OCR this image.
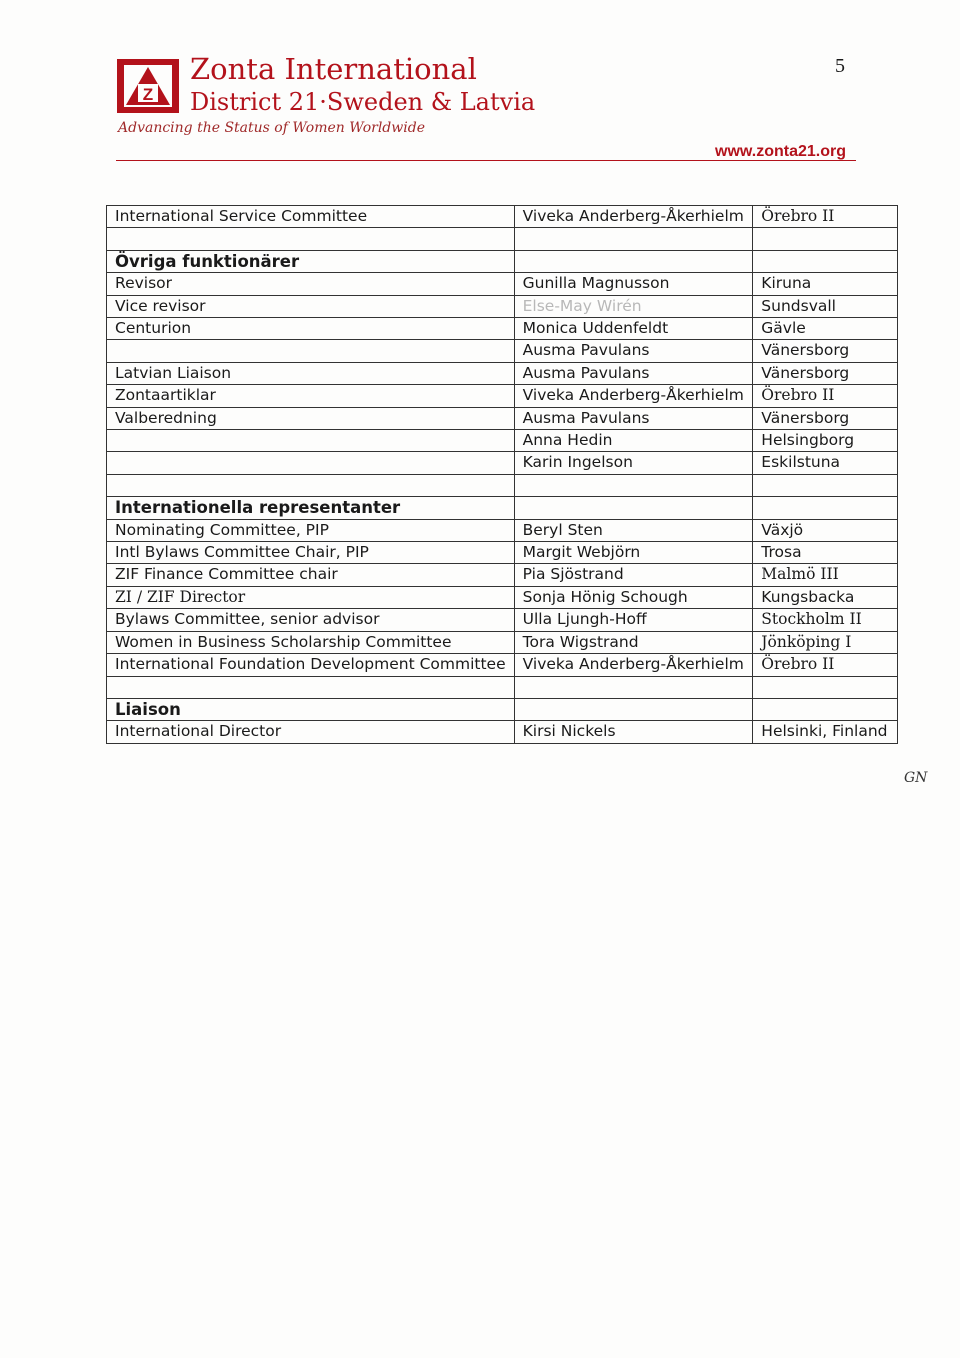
Z
Zonta International
District 21·Sweden & Latvia
Advancing the Status of Women Worldwide
www.zonta21.org
5
International Service Committee	Viveka Anderberg-Åkerhielm	Örebro II

Övriga funktionärer		
Revisor	Gunilla Magnusson	Kiruna
Vice revisor	Else-May Wirén	Sundsvall
Centurion	Monica Uddenfeldt	Gävle
	Ausma Pavulans	Vänersborg
Latvian Liaison	Ausma Pavulans	Vänersborg
Zontaartiklar	Viveka Anderberg-Åkerhielm	Örebro II
Valberedning	Ausma Pavulans	Vänersborg
	Anna Hedin	Helsingborg
	Karin Ingelson	Eskilstuna

Internationella representanter		
Nominating Committee, PIP	Beryl Sten	Växjö
Intl Bylaws Committee Chair, PIP	Margit Webjörn	Trosa
ZIF Finance Committee chair	Pia Sjöstrand	Malmö III
ZI / ZIF Director	Sonja Hönig Schough	Kungsbacka
Bylaws Committee, senior advisor	Ulla Ljungh-Hoff	Stockholm II
Women in Business Scholarship Committee	Tora Wigstrand	Jönköping I
International Foundation Development Committee	Viveka Anderberg-Åkerhielm	Örebro II

Liaison		
International Director	Kirsi Nickels	Helsinki, Finland
GN
